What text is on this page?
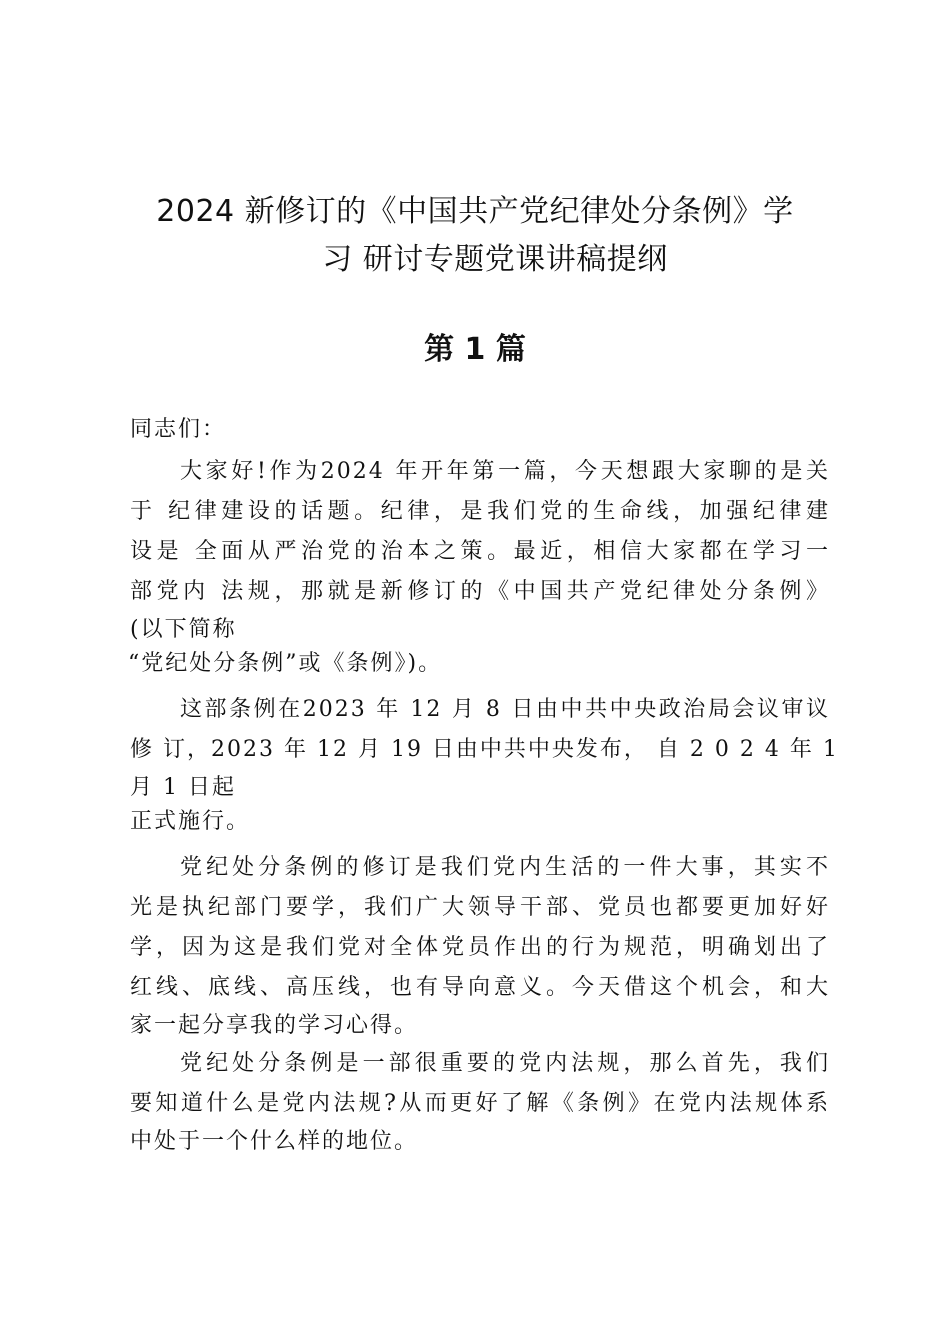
2024 新修订的《中国共产党纪律处分条例》学
习 研讨专题党课讲稿提纲
第 1 篇
同志们：
大家好!作为2024 年开年第一篇，今天想跟大家聊的是关
于 纪律建设的话题。纪律，是我们党的生命线，加强纪律建
设是 全面从严治党的治本之策。最近，相信大家都在学习一
部党内 法规，那就是新修订的《中国共产党纪律处分条例》
(以下简称
“党纪处分条例”或《条例》)。
这部条例在2023 年 12 月 8 日由中共中央政治局会议审议
修 订，2023 年 12 月 19 日由中共中央发布， 自 2 0 2 4 年 1
月 1 日起
正式施行。
党纪处分条例的修订是我们党内生活的一件大事，其实不
光是执纪部门要学，我们广大领导干部、党员也都要更加好好
学，因为这是我们党对全体党员作出的行为规范，明确划出了
红线、底线、高压线，也有导向意义。今天借这个机会，和大
家一起分享我的学习心得。
党纪处分条例是一部很重要的党内法规，那么首先，我们
要知道什么是党内法规?从而更好了解《条例》在党内法规体系
中处于一个什么样的地位。
